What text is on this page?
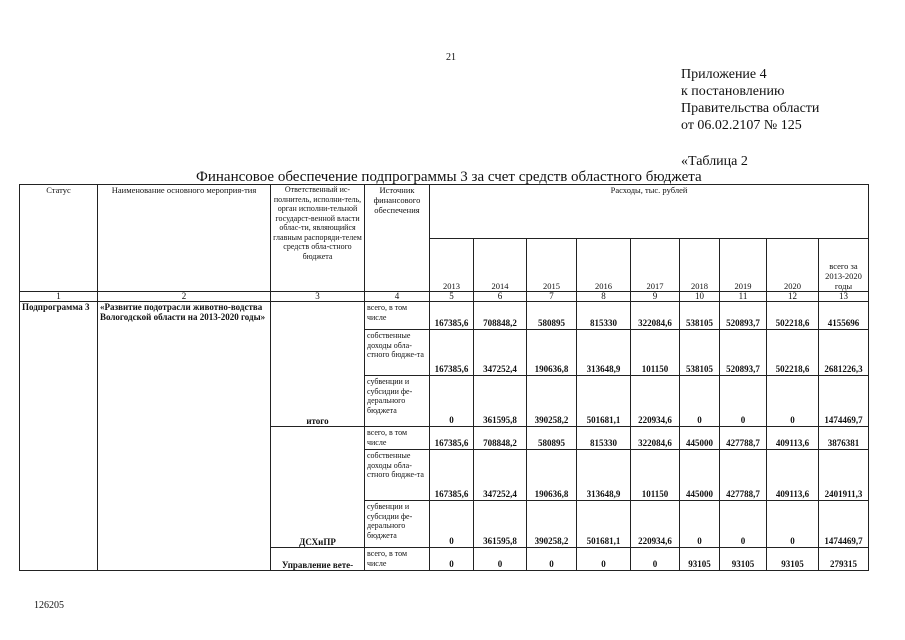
21
Приложение 4
к постановлению
Правительства области
от 06.02.2107 № 125
«Таблица 2
Финансовое обеспечение подпрограммы 3 за счет средств областного бюджета
Статус	Наименование основного мероприя-тия	Ответственный ис-полнитель, исполни-тель, орган исполни-тельной государст-венной власти облас-ти, являющийся главным распоряди-телем средств обла-стного бюджета	Источник финансового обеспечения	Расходы, тыс. рублей								
				2013	2014	2015	2016	2017	2018	2019	2020	всего за 2013-2020 годы
1	2	3	4	5	6	7	8	9	10	11	12	13
Подпрограмма 3	«Развитие подотрасли животно-водства Вологодской области на 2013-2020 годы»	итого	всего, в том числе	167385,6	708848,2	580895	815330	322084,6	538105	520893,7	502218,6	4155696
			собственные доходы обла-стного бюдже-та	167385,6	347252,4	190636,8	313648,9	101150	538105	520893,7	502218,6	2681226,3
			субвенции и субсидии фе-дерального бюджета	0	361595,8	390258,2	501681,1	220934,6	0	0	0	1474469,7
		ДСХиПР	всего, в том числе	167385,6	708848,2	580895	815330	322084,6	445000	427788,7	409113,6	3876381
			собственные доходы обла-стного бюдже-та	167385,6	347252,4	190636,8	313648,9	101150	445000	427788,7	409113,6	2401911,3
			субвенции и субсидии фе-дерального бюджета	0	361595,8	390258,2	501681,1	220934,6	0	0	0	1474469,7
		Управление вете-	всего, в том числе	0	0	0	0	0	93105	93105	93105	279315
126205
